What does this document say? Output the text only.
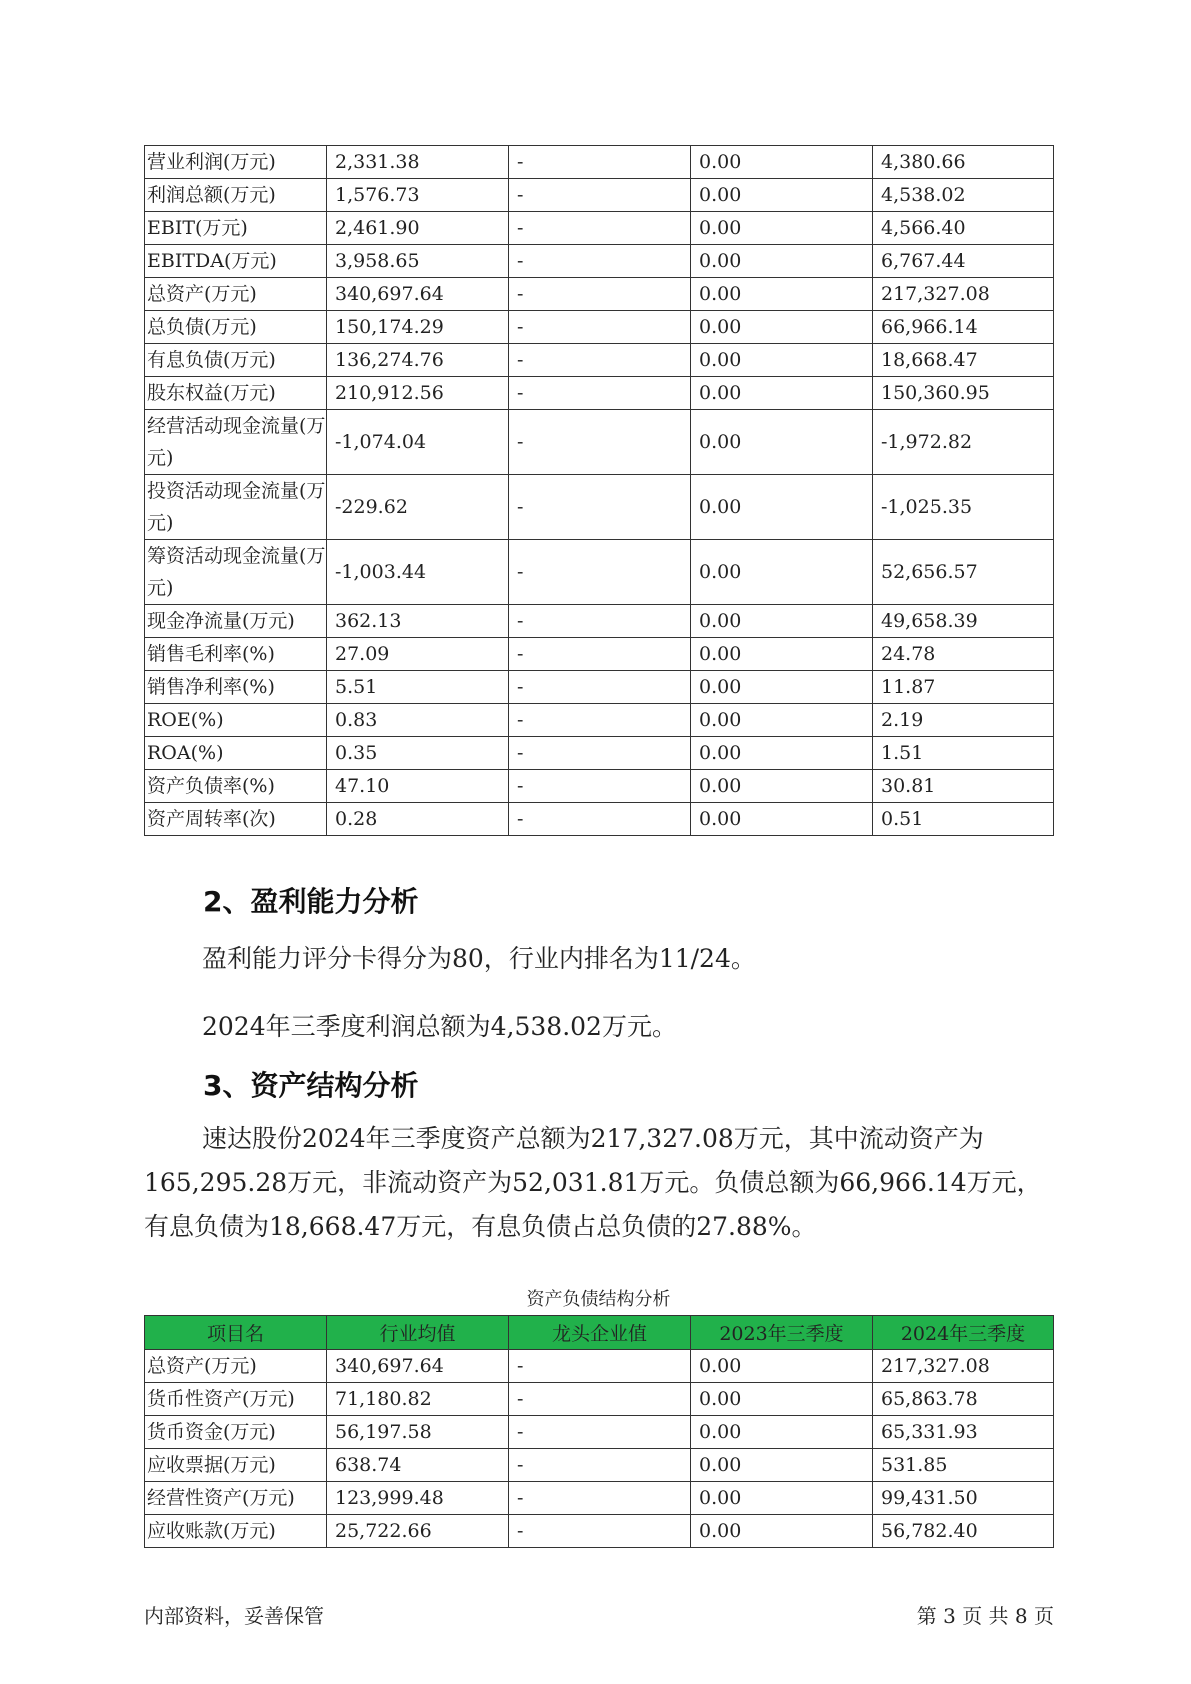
营业利润(万元)	2,331.38	-	0.00	4,380.66
利润总额(万元)	1,576.73	-	0.00	4,538.02
EBIT(万元)	2,461.90	-	0.00	4,566.40
EBITDA(万元)	3,958.65	-	0.00	6,767.44
总资产(万元)	340,697.64	-	0.00	217,327.08
总负债(万元)	150,174.29	-	0.00	66,966.14
有息负债(万元)	136,274.76	-	0.00	18,668.47
股东权益(万元)	210,912.56	-	0.00	150,360.95
经营活动现金流量(万元)	-1,074.04	-	0.00	-1,972.82
投资活动现金流量(万元)	-229.62	-	0.00	-1,025.35
筹资活动现金流量(万元)	-1,003.44	-	0.00	52,656.57
现金净流量(万元)	362.13	-	0.00	49,658.39
销售毛利率(%)	27.09	-	0.00	24.78
销售净利率(%)	5.51	-	0.00	11.87
ROE(%)	0.83	-	0.00	2.19
ROA(%)	0.35	-	0.00	1.51
资产负债率(%)	47.10	-	0.00	30.81
资产周转率(次)	0.28	-	0.00	0.51
2、盈利能力分析

盈利能力评分卡得分为80，行业内排名为11/24。

2024年三季度利润总额为4,538.02万元。

3、资产结构分析

速达股份2024年三季度资产总额为217,327.08万元，其中流动资产为165,295.28万元，非流动资产为52,031.81万元。负债总额为66,966.14万元，有息负债为18,668.47万元，有息负债占总负债的27.88%。

资产负债结构分析
项目名	行业均值	龙头企业值	2023年三季度	2024年三季度
总资产(万元)	340,697.64	-	0.00	217,327.08
货币性资产(万元)	71,180.82	-	0.00	65,863.78
货币资金(万元)	56,197.58	-	0.00	65,331.93
应收票据(万元)	638.74	-	0.00	531.85
经营性资产(万元)	123,999.48	-	0.00	99,431.50
应收账款(万元)	25,722.66	-	0.00	56,782.40
内部资料，妥善保管	第 3 页 共 8 页
